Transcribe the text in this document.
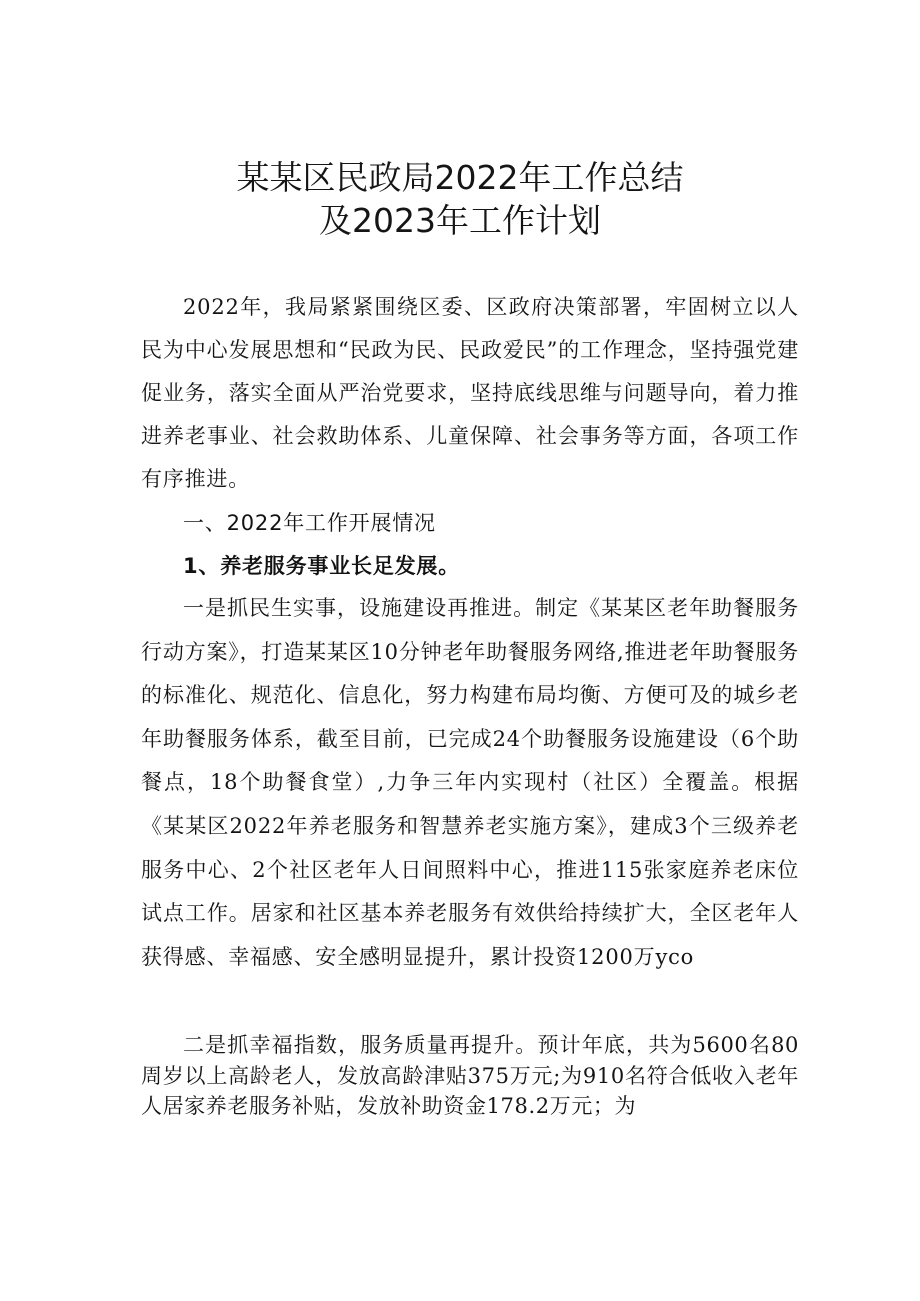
某某区民政局2022年工作总结
及2023年工作计划

2022年，我局紧紧围绕区委、区政府决策部署，牢固树立以人民为中心发展思想和“民政为民、民政爱民”的工作理念，坚持强党建促业务，落实全面从严治党要求，坚持底线思维与问题导向，着力推进养老事业、社会救助体系、儿童保障、社会事务等方面，各项工作有序推进。

一、2022年工作开展情况
1、养老服务事业长足发展。

一是抓民生实事，设施建设再推进。制定《某某区老年助餐服务行动方案》，打造某某区10分钟老年助餐服务网络,推进老年助餐服务的标准化、规范化、信息化，努力构建布局均衡、方便可及的城乡老年助餐服务体系，截至目前，已完成24个助餐服务设施建设（6个助餐点，18个助餐食堂）,力争三年内实现村（社区）全覆盖。根据《某某区2022年养老服务和智慧养老实施方案》，建成3个三级养老服务中心、2个社区老年人日间照料中心，推进115张家庭养老床位试点工作。居家和社区基本养老服务有效供给持续扩大，全区老年人获得感、幸福感、安全感明显提升，累计投资1200万yco

二是抓幸福指数，服务质量再提升。预计年底，共为5600名80周岁以上高龄老人，发放高龄津贴375万元;为910名符合低收入老年人居家养老服务补贴，发放补助资金178.2万元；为
